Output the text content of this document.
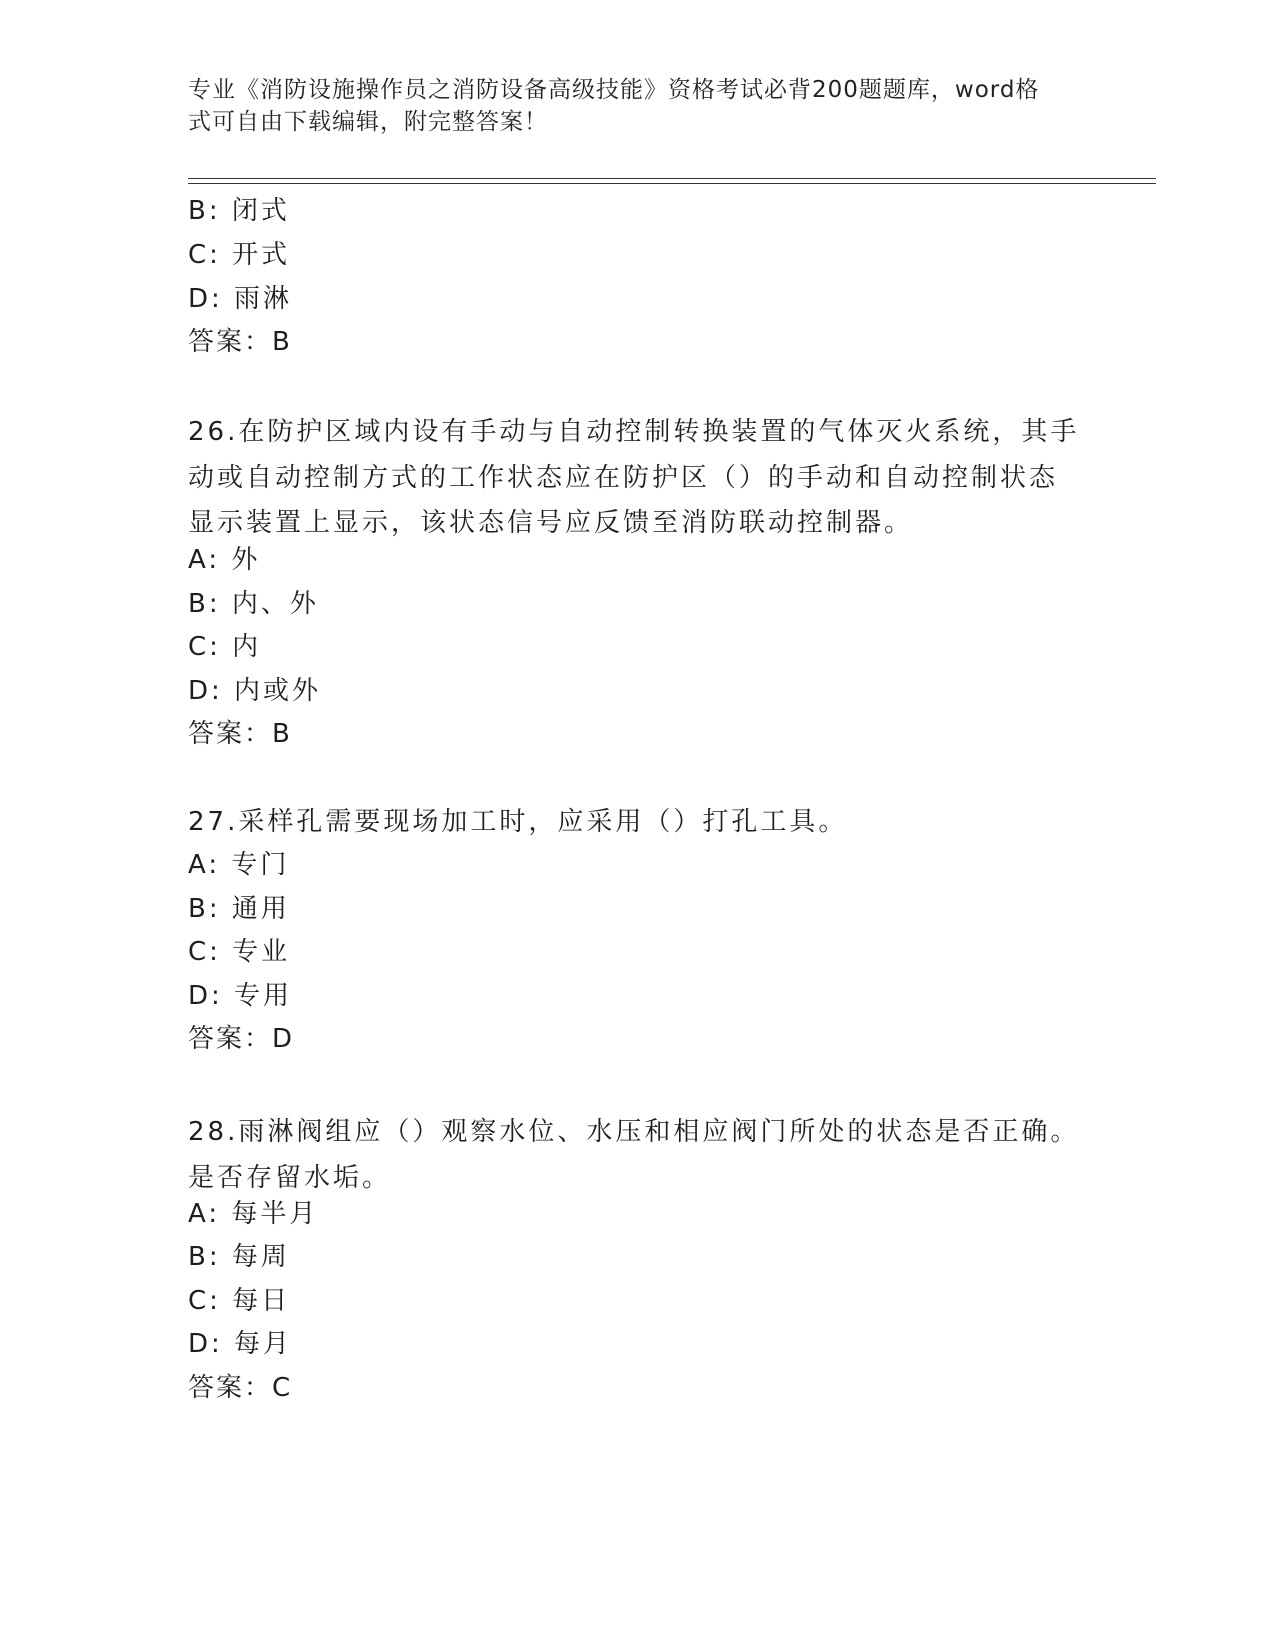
专业《消防设施操作员之消防设备高级技能》资格考试必背200题题库，word格
式可自由下载编辑，附完整答案！
B: 闭式
C: 开式
D: 雨淋
答案：B
26.在防护区域内设有手动与自动控制转换装置的气体灭火系统，其手
动或自动控制方式的工作状态应在防护区（）的手动和自动控制状态
显示装置上显示，该状态信号应反馈至消防联动控制器。
A: 外
B: 内、外
C: 内
D: 内或外
答案：B
27.采样孔需要现场加工时，应采用（）打孔工具。
A: 专门
B: 通用
C: 专业
D: 专用
答案：D
28.雨淋阀组应（）观察水位、水压和相应阀门所处的状态是否正确。
是否存留水垢。
A: 每半月
B: 每周
C: 每日
D: 每月
答案：C
